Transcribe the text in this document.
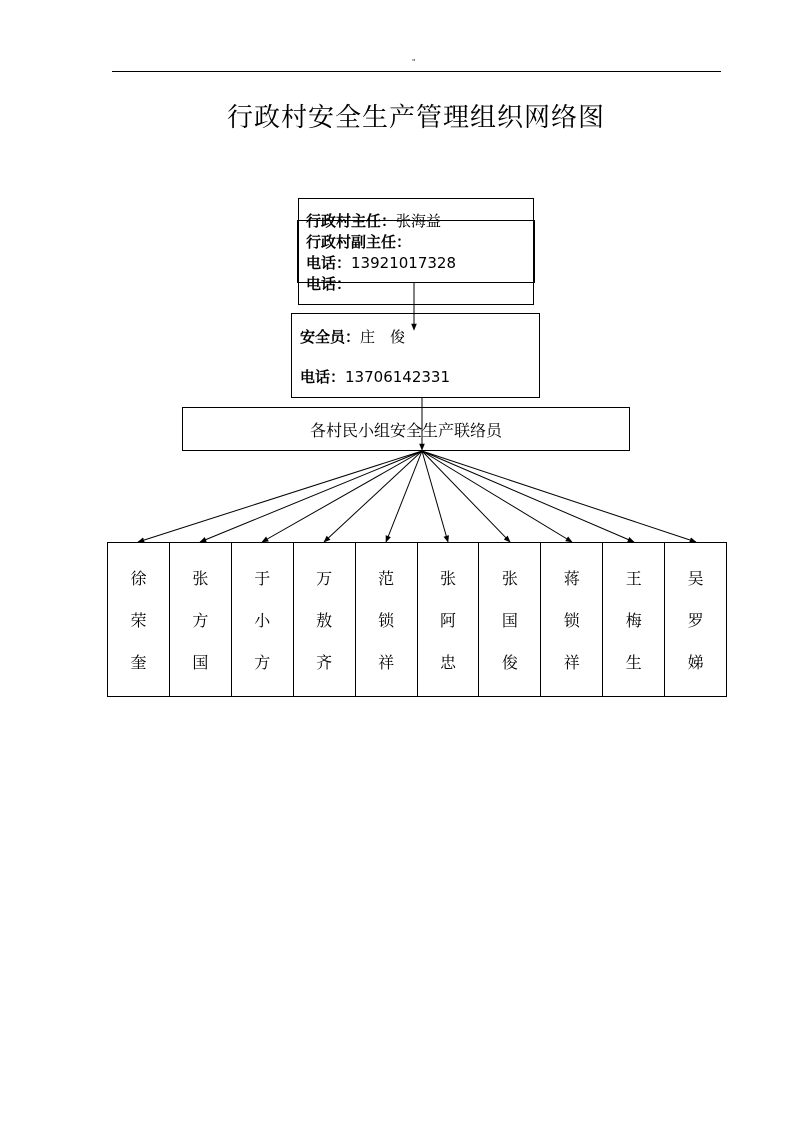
"
行政村安全生产管理组织网络图
行政村主任：张海益
行政村副主任：
电话：13921017328
电话：
安全员：庄　俊
电话：13706142331
各村民小组安全生产联络员
徐
荣
奎
张
方
国
于
小
方
万
敖
齐
范
锁
祥
张
阿
忠
张
国
俊
蒋
锁
祥
王
梅
生
吴
罗
娣
